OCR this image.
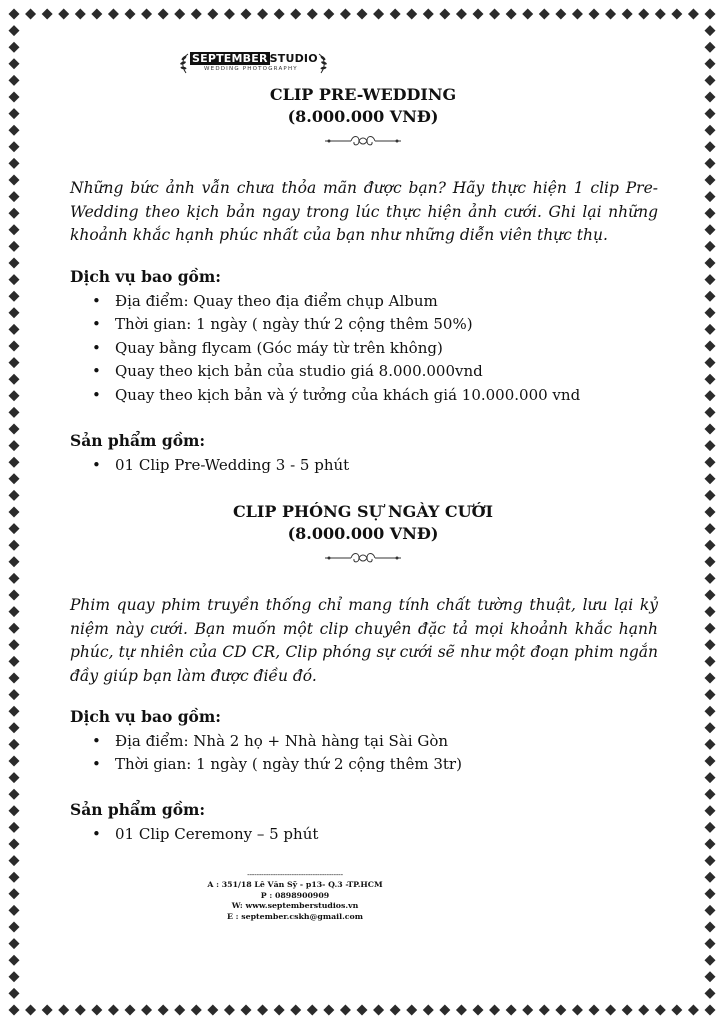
SEPTEMBER STUDIO
WEDDING PHOTOGRAPHY
CLIP PRE-WEDDING
(8.000.000 VNĐ)

Những bức ảnh vẫn chưa thỏa mãn được bạn? Hãy thực hiện 1 clip Pre-Wedding theo kịch bản ngay trong lúc thực hiện ảnh cưới. Ghi lại những khoảnh khắc hạnh phúc nhất của bạn như những diễn viên thực thụ.

Dịch vụ bao gồm:
• Địa điểm: Quay theo địa điểm chụp Album
• Thời gian: 1 ngày ( ngày thứ 2 cộng thêm 50%)
• Quay bằng flycam (Góc máy từ trên không)
• Quay theo kịch bản của studio giá 8.000.000vnd
• Quay theo kịch bản và ý tưởng của khách giá 10.000.000 vnd
Sản phẩm gồm:
• 01 Clip Pre-Wedding 3 - 5 phút
CLIP PHÓNG SỰ NGÀY CƯỚI
(8.000.000 VNĐ)

Phim quay phim truyền thống chỉ mang tính chất tường thuật, lưu lại kỷ niệm này cưới. Bạn muốn một clip chuyên đặc tả mọi khoảnh khắc hạnh phúc, tự nhiên của CD CR, Clip phóng sự cưới sẽ như một đoạn phim ngắn đầy giúp bạn làm được điều đó.

Dịch vụ bao gồm:
• Địa điểm: Nhà 2 họ + Nhà hàng tại Sài Gòn
• Thời gian: 1 ngày ( ngày thứ 2 cộng thêm 3tr)
Sản phẩm gồm:
• 01 Clip Ceremony – 5 phút
-----------------------------------------
A : 351/18 Lê Văn Sỹ - p13- Q.3 -TP.HCM
P : 0898900909
W: www.septemberstudios.vn
E : september.cskh@gmail.com
